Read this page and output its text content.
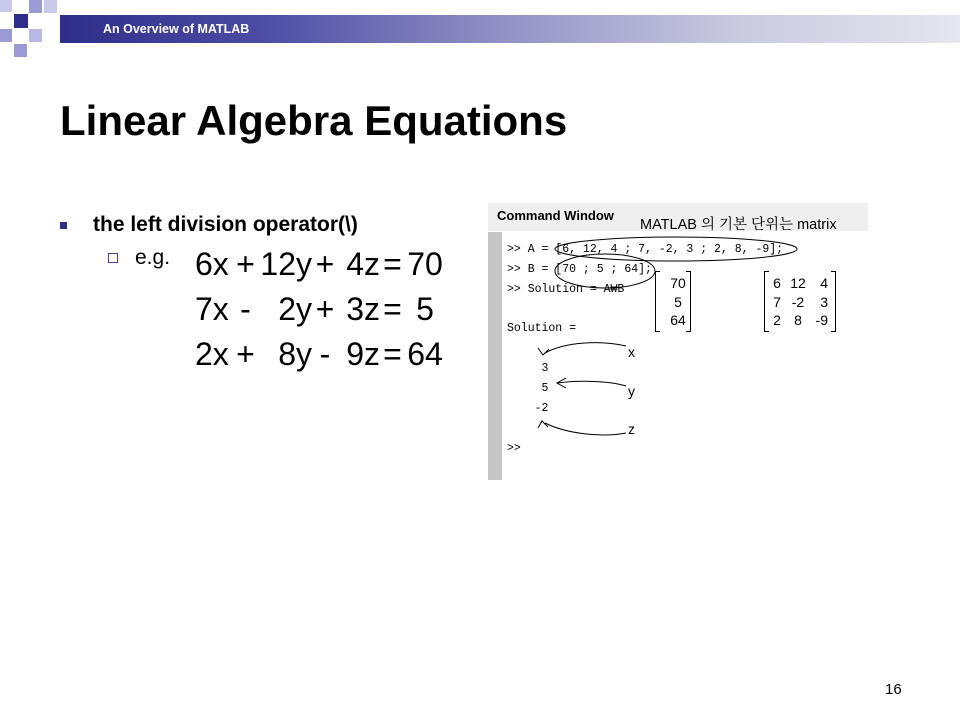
An Overview of MATLAB
Linear Algebra Equations
the left division operator(\)
e.g. 6x + 12y + 4z = 70
7x - 2y + 3z = 5
2x + 8y - 9z = 64
Command Window
>> A = [6, 12, 4 ; 7, -2, 3 ; 2, 8, -9];
>> B = [70 ; 5 ; 64];
>> Solution = A₩B
Solution =
3
5
-2
>>
MATLAB 의 기본 단위는 matrix
70
5
64
6 12	4
7 -2	3
2 8 -9
x
y
z
16
